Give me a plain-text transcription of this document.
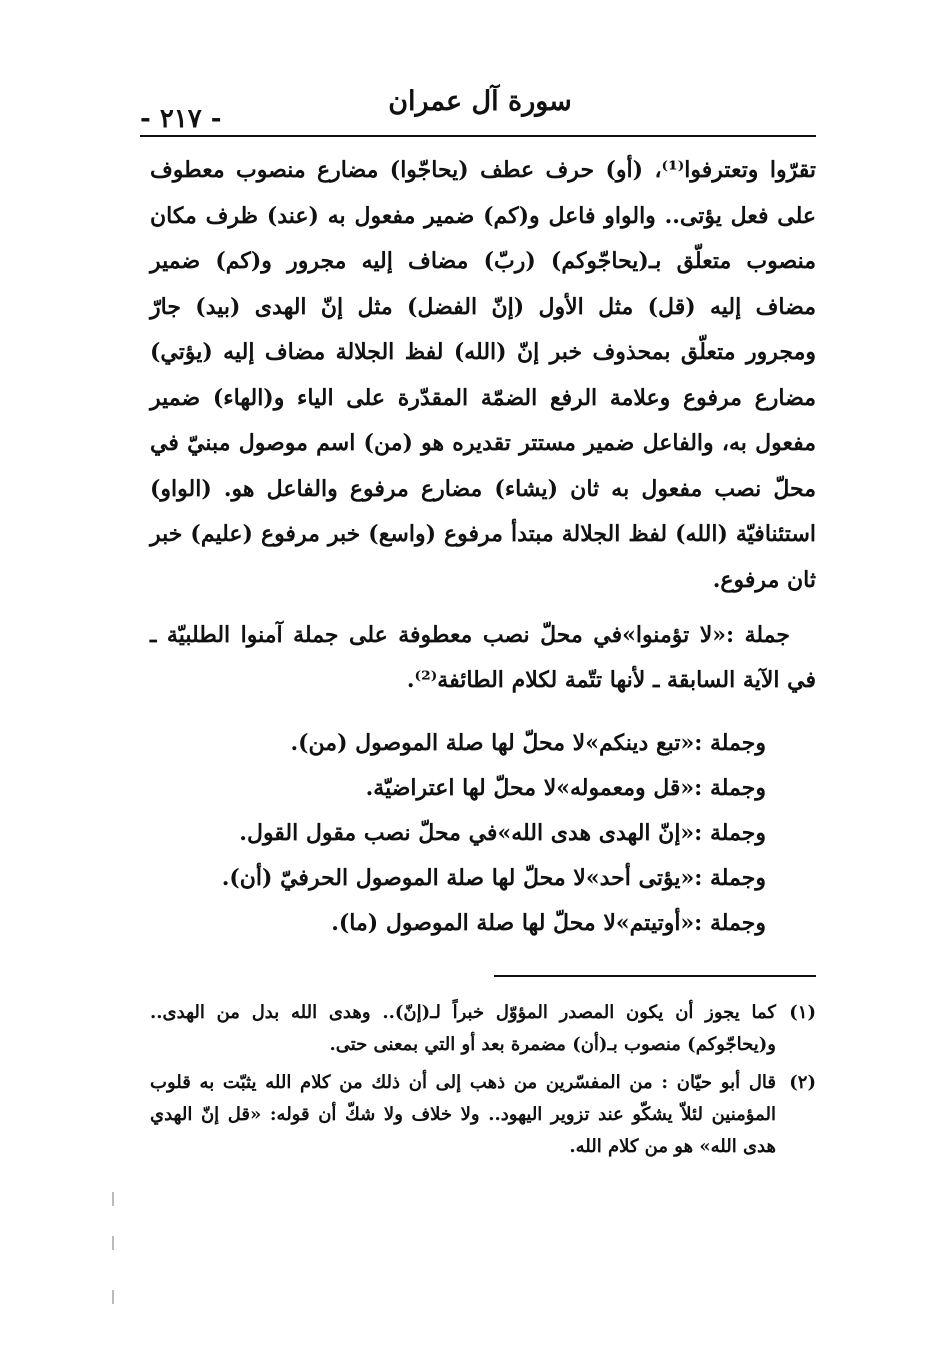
سورة آل عمران
- ٢١٧ -

تقرّوا وتعترفوا⁽¹⁾، (أو) حرف عطف (يحاجّوا) مضارع منصوب معطوف على فعل يؤتى.. والواو فاعل و(كم) ضمير مفعول به (عند) ظرف مكان منصوب متعلّق بـ(يحاجّوكم) (ربّ) مضاف إليه مجرور و(كم) ضمير مضاف إليه (قل) مثل الأول (إنّ الفضل) مثل إنّ الهدى (بيد) جارّ ومجرور متعلّق بمحذوف خبر إنّ (الله) لفظ الجلالة مضاف إليه (يؤتي) مضارع مرفوع وعلامة الرفع الضمّة المقدّرة على الياء و(الهاء) ضمير مفعول به، والفاعل ضمير مستتر تقديره هو (من) اسم موصول مبنيّ في محلّ نصب مفعول به ثان (يشاء) مضارع مرفوع والفاعل هو. (الواو) استئنافيّة (الله) لفظ الجلالة مبتدأ مرفوع (واسع) خبر مرفوع (عليم) خبر ثان مرفوع.

جملة :«لا تؤمنوا»في محلّ نصب معطوفة على جملة آمنوا الطلبيّة ـ في الآية السابقة ـ لأنها تتّمة لكلام الطائفة⁽²⁾.

وجملة :«تبع دينكم»لا محلّ لها صلة الموصول (من).
وجملة :«قل ومعموله»لا محلّ لها اعتراضيّة.
وجملة :«إنّ الهدى هدى الله»في محلّ نصب مقول القول.
وجملة :«يؤتى أحد»لا محلّ لها صلة الموصول الحرفيّ (أن).
وجملة :«أوتيتم»لا محلّ لها صلة الموصول (ما).
(١)
كما يجوز أن يكون المصدر المؤوّل خبراً لـ(إنّ).. وهدى الله بدل من الهدى.. و(يحاجّوكم) منصوب بـ(أن) مضمرة بعد أو التي بمعنى حتى.
(٢)
قال أبو حيّان : من المفسّرين من ذهب إلى أن ذلك من كلام الله يثبّت به قلوب المؤمنين لئلاّ يشكّو عند تزوير اليهود.. ولا خلاف ولا شكّ أن قوله: «قل إنّ الهدي هدى الله» هو من كلام الله.
